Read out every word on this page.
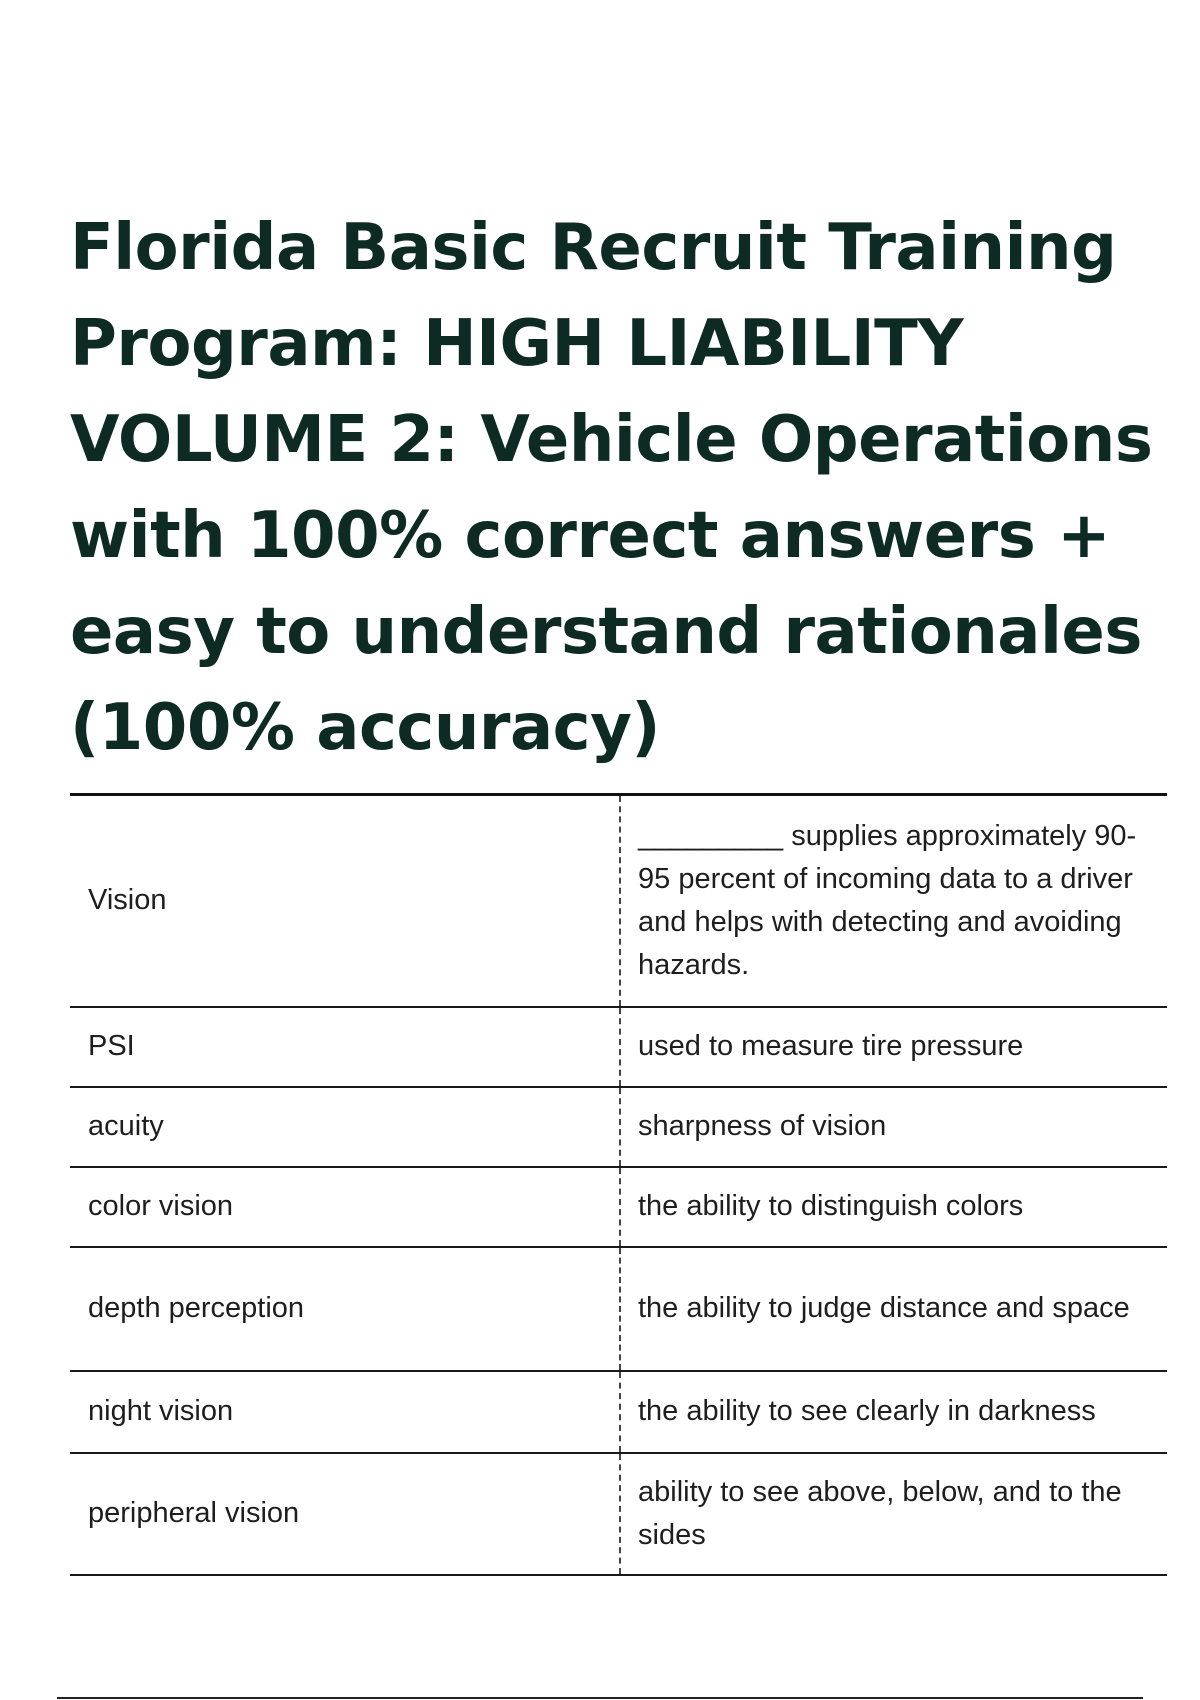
Florida Basic Recruit Training
Program: HIGH LIABILITY
VOLUME 2: Vehicle Operations
with 100% correct answers +
easy to understand rationales
(100% accuracy)
Vision	_________ supplies approximately 90-95 percent of incoming data to a driver and helps with detecting and avoiding hazards.
PSI	used to measure tire pressure
acuity	sharpness of vision
color vision	the ability to distinguish colors
depth perception	the ability to judge distance and space
night vision	the ability to see clearly in darkness
peripheral vision	ability to see above, below, and to the sides
